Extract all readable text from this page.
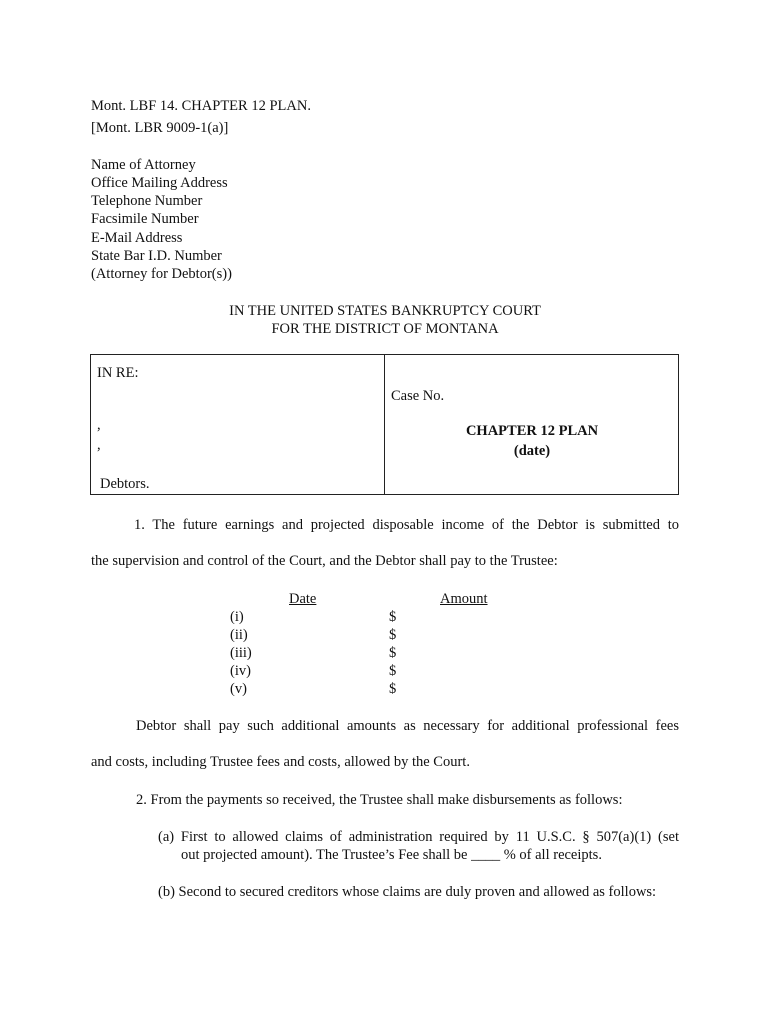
Mont. LBF 14. CHAPTER 12 PLAN.
[Mont. LBR 9009-1(a)]
Name of Attorney
Office Mailing Address
Telephone Number
Facsimile Number
E-Mail Address
State Bar I.D. Number
(Attorney for Debtor(s))
IN THE UNITED STATES BANKRUPTCY COURT
FOR THE DISTRICT OF MONTANA
IN RE:
,
,
Debtors.
Case No.
CHAPTER 12 PLAN
(date)
1. The future earnings and projected disposable income of the Debtor is submitted to
the supervision and control of the Court, and the Debtor shall pay to the Trustee:
Date	Amount
(i)	$
(ii)	$
(iii)	$
(iv)	$
(v)	$
Debtor shall pay such additional amounts as necessary for additional professional fees
and costs, including Trustee fees and costs, allowed by the Court.
2. From the payments so received, the Trustee shall make disbursements as follows:
(a) First to allowed claims of administration required by 11 U.S.C. § 507(a)(1) (set
out projected amount). The Trustee’s Fee shall be ____ % of all receipts.
(b) Second to secured creditors whose claims are duly proven and allowed as follows:
